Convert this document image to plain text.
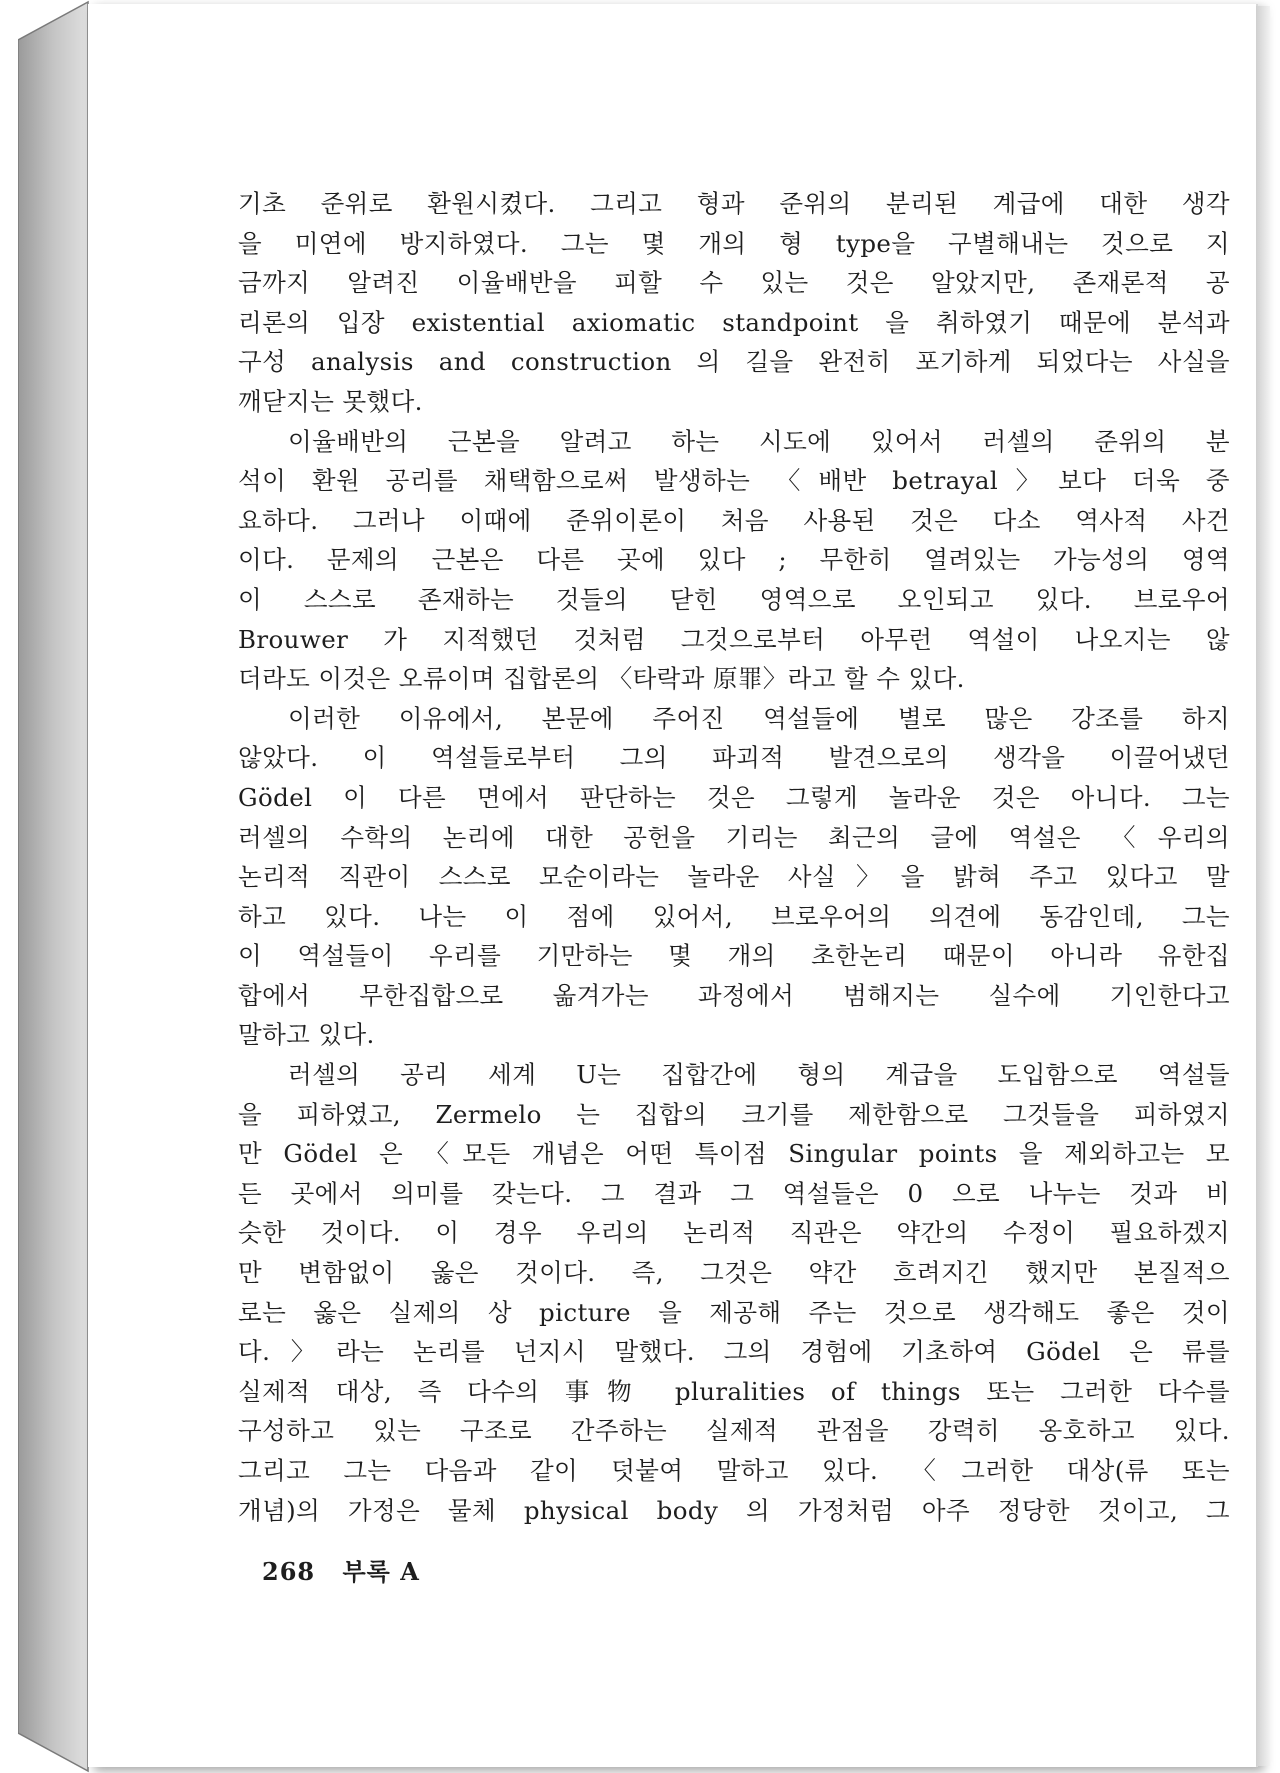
기초 준위로 환원시켰다. 그리고 형과 준위의 분리된 계급에 대한 생각
을 미연에 방지하였다. 그는 몇 개의 형 type을 구별해내는 것으로 지
금까지 알려진 이율배반을 피할 수 있는 것은 알았지만, 존재론적 공
리론의 입장 existential axiomatic standpoint 을 취하였기 때문에 분석과
구성 analysis and construction 의 길을 완전히 포기하게 되었다는 사실을
깨닫지는 못했다.
이율배반의 근본을 알려고 하는 시도에 있어서 러셀의 준위의 분
석이 환원 공리를 채택함으로써 발생하는 〈배반 betrayal〉보다 더욱 중
요하다. 그러나 이때에 준위이론이 처음 사용된 것은 다소 역사적 사건
이다. 문제의 근본은 다른 곳에 있다 ; 무한히 열려있는 가능성의 영역
이 스스로 존재하는 것들의 닫힌 영역으로 오인되고 있다. 브로우어
Brouwer 가 지적했던 것처럼 그것으로부터 아무런 역설이 나오지는 않
더라도 이것은 오류이며 집합론의 〈타락과 原罪〉라고 할 수 있다.
이러한 이유에서, 본문에 주어진 역설들에 별로 많은 강조를 하지
않았다. 이 역설들로부터 그의 파괴적 발견으로의 생각을 이끌어냈던
Gödel 이 다른 면에서 판단하는 것은 그렇게 놀라운 것은 아니다. 그는
러셀의 수학의 논리에 대한 공헌을 기리는 최근의 글에 역설은 〈우리의
논리적 직관이 스스로 모순이라는 놀라운 사실〉을 밝혀 주고 있다고 말
하고 있다. 나는 이 점에 있어서, 브로우어의 의견에 동감인데, 그는
이 역설들이 우리를 기만하는 몇 개의 초한논리 때문이 아니라 유한집
합에서 무한집합으로 옮겨가는 과정에서 범해지는 실수에 기인한다고
말하고 있다.
러셀의 공리 세계 U는 집합간에 형의 계급을 도입함으로 역설들
을 피하였고, Zermelo 는 집합의 크기를 제한함으로 그것들을 피하였지
만 Gödel 은 〈모든 개념은 어떤 특이점 Singular points 을 제외하고는 모
든 곳에서 의미를 갖는다. 그 결과 그 역설들은 0 으로 나누는 것과 비
슷한 것이다. 이 경우 우리의 논리적 직관은 약간의 수정이 필요하겠지
만 변함없이 옳은 것이다. 즉, 그것은 약간 흐려지긴 했지만 본질적으
로는 옳은 실제의 상 picture 을 제공해 주는 것으로 생각해도 좋은 것이
다.〉라는 논리를 넌지시 말했다. 그의 경험에 기초하여 Gödel 은 류를
실제적 대상, 즉 다수의 事物 pluralities of things 또는 그러한 다수를
구성하고 있는 구조로 간주하는 실제적 관점을 강력히 옹호하고 있다.
그리고 그는 다음과 같이 덧붙여 말하고 있다. 〈그러한 대상(류 또는
개념)의 가정은 물체 physical body 의 가정처럼 아주 정당한 것이고, 그
268 부록 A
